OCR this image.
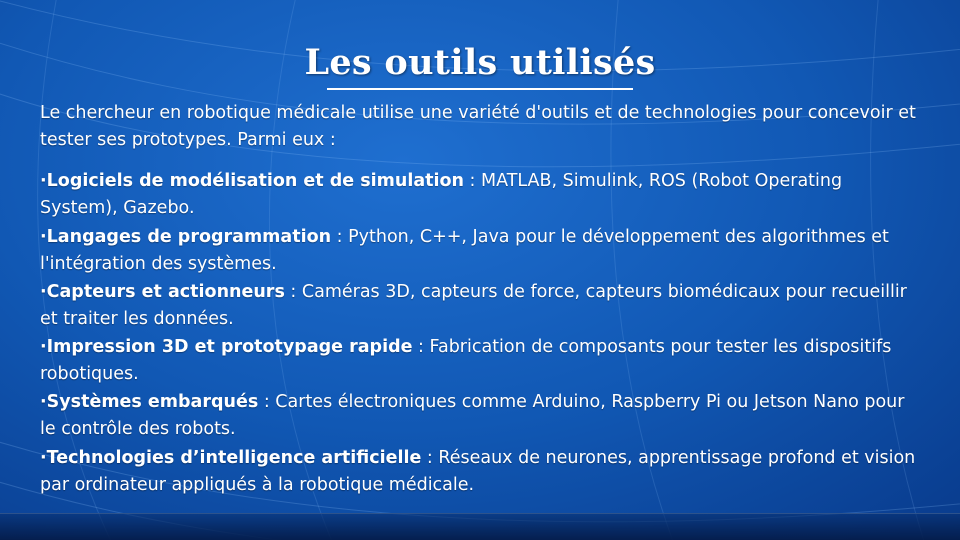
Les outils utilisés

Le chercheur en robotique médicale utilise une variété d'outils et de technologies pour concevoir et tester ses prototypes. Parmi eux :

·Logiciels de modélisation et de simulation : MATLAB, Simulink, ROS (Robot Operating System), Gazebo.
·Langages de programmation : Python, C++, Java pour le développement des algorithmes et l'intégration des systèmes.
·Capteurs et actionneurs : Caméras 3D, capteurs de force, capteurs biomédicaux pour recueillir et traiter les données.
·Impression 3D et prototypage rapide : Fabrication de composants pour tester les dispositifs robotiques.
·Systèmes embarqués : Cartes électroniques comme Arduino, Raspberry Pi ou Jetson Nano pour le contrôle des robots.
·Technologies d’intelligence artificielle : Réseaux de neurones, apprentissage profond et vision par ordinateur appliqués à la robotique médicale.
